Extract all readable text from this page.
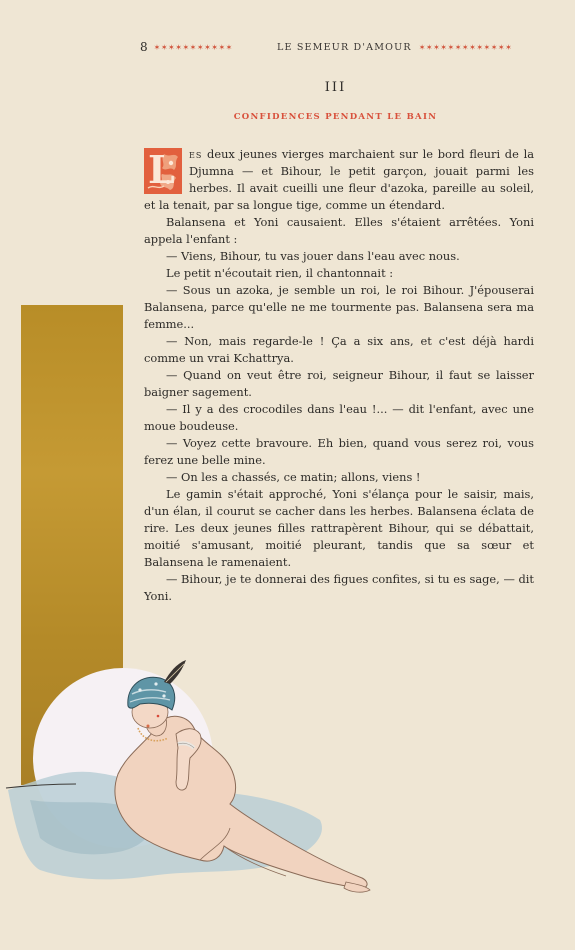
8 ✶✶✶✶✶✶✶✶✶✶✶	LE SEMEUR D'AMOUR ✶✶✶✶✶✶✶✶✶✶✶✶✶
III
CONFIDENCES PENDANT LE BAIN

L es deux jeunes vierges marchaient sur le bord fleuri de la Djumna — et Bihour, le petit garçon, jouait parmi les herbes. Il avait cueilli une fleur d'azoka, pareille au soleil, et la tenait, par sa longue tige, comme un étendard.

Balansena et Yoni causaient. Elles s'étaient arrêtées. Yoni appela l'enfant :

— Viens, Bihour, tu vas jouer dans l'eau avec nous.

Le petit n'écoutait rien, il chantonnait :

— Sous un azoka, je semble un roi, le roi Bihour. J'épouserai Balansena, parce qu'elle ne me tourmente pas. Balansena sera ma femme...

— Non, mais regarde-le ! Ça a six ans, et c'est déjà hardi comme un vrai Kchattrya.

— Quand on veut être roi, seigneur Bihour, il faut se laisser baigner sagement.

— Il y a des crocodiles dans l'eau !... — dit l'enfant, avec une moue boudeuse.

— Voyez cette bravoure. Eh bien, quand vous serez roi, vous ferez une belle mine.

— On les a chassés, ce matin; allons, viens !

Le gamin s'était approché, Yoni s'élança pour le saisir, mais, d'un élan, il courut se cacher dans les herbes. Balansena éclata de rire. Les deux jeunes filles rattrapèrent Bihour, qui se débattait, moitié s'amusant, moitié pleurant, tandis que sa sœur et Balansena le ramenaient.

— Bihour, je te donnerai des figues confites, si tu es sage, — dit Yoni.
